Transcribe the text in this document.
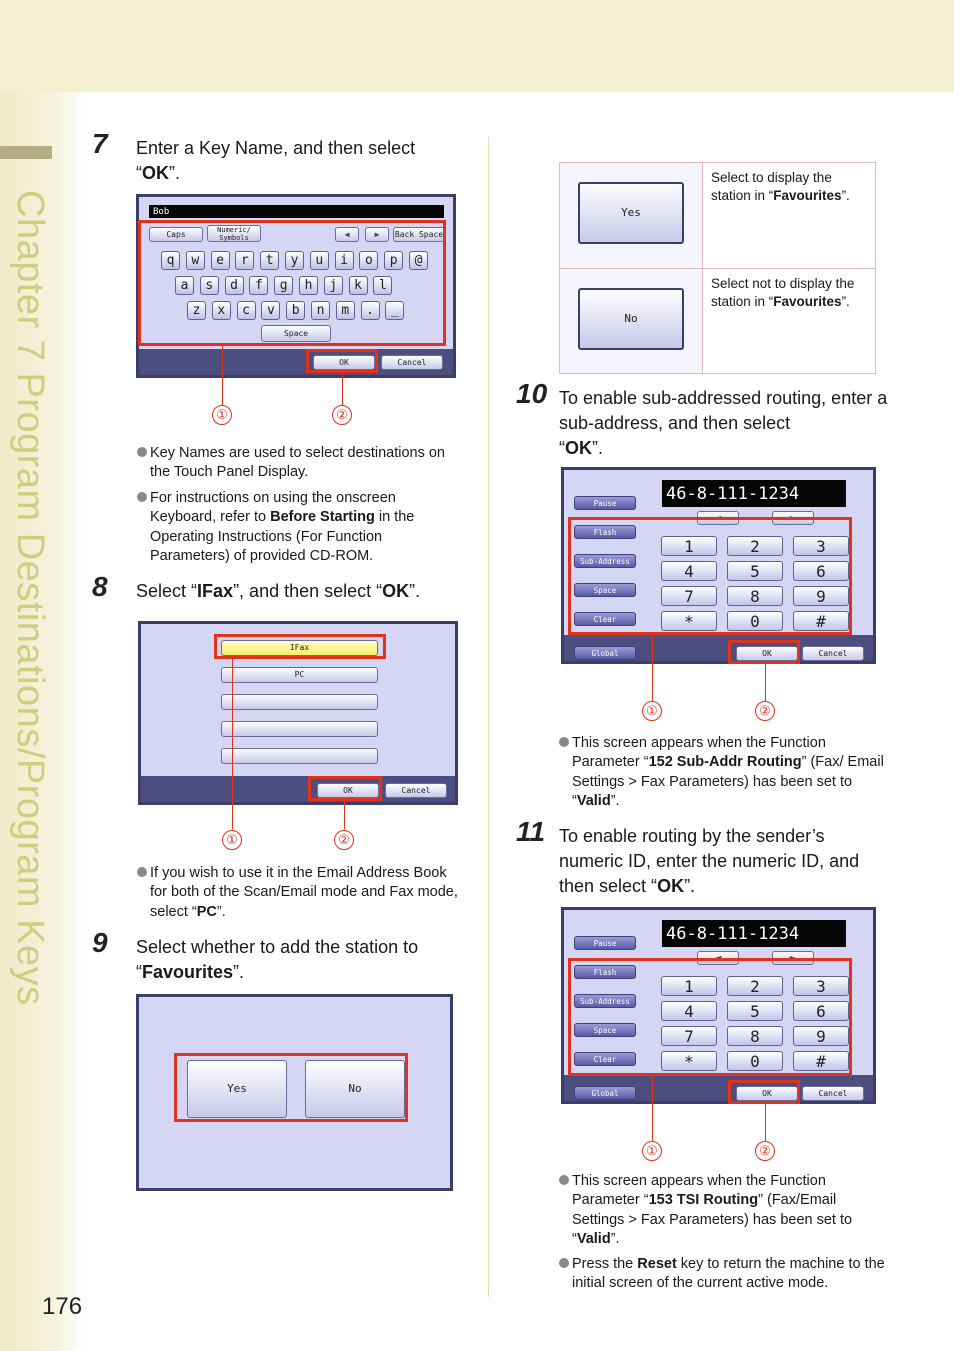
Chapter 7 Program Destinations/Program Keys
176
7 Enter a Key Name, and then select
“OK”.
Bob
Caps	Numeric/ Symbols	◀	▶	Back Space
q	w	e	r	t	y	u	i	o	p	@
a	s	d	f	g	h	j	k	l
z	x	c	v	b	n	m	.	_
Space
OK	Cancel
①	②
Key Names are used to select destinations on the Touch Panel Display.
For instructions on using the onscreen Keyboard, refer to Before Starting in the Operating Instructions (For Function Parameters) of provided CD-ROM.
8 Select “IFax”, and then select “OK”.
IFax
PC
OK	Cancel
①	②
If you wish to use it in the Email Address Book for both of the Scan/Email mode and Fax mode, select “PC”.
9 Select whether to add the station to
“Favourites”.
Yes	No
Yes	Select to display the station in “Favourites”.

No	Select not to display the station in “Favourites”.
10 To enable sub-addressed routing, enter a sub-address, and then select
“OK”.
46-8-111-1234
◄	►
Pause
Flash
Sub-Address
Space
Clear
1	2	3
4	5	6
7	8	9
*	0	#
Global	OK	Cancel
①	②
This screen appears when the Function Parameter “152 Sub-Addr Routing” (Fax/ Email Settings > Fax Parameters) has been set to “Valid”.
11 To enable routing by the sender’s numeric ID, enter the numeric ID, and then select “OK”.
46-8-111-1234
◄	►
Pause
Flash
Sub-Address
Space
Clear
1	2	3
4	5	6
7	8	9
*	0	#
Global	OK	Cancel
①	②
This screen appears when the Function Parameter “153 TSI Routing” (Fax/Email Settings > Fax Parameters) has been set to “Valid”.
Press the Reset key to return the machine to the initial screen of the current active mode.
